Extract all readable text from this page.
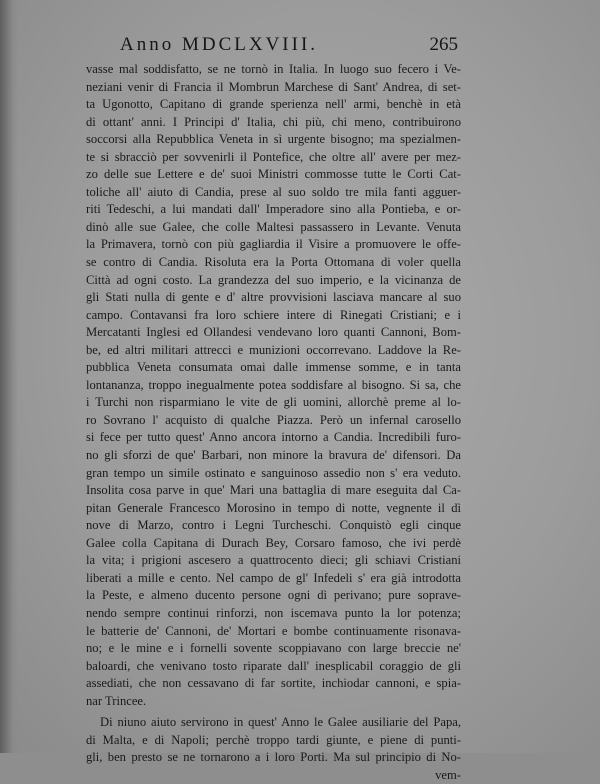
Anno MDCLXVIII.	265
vasse mal soddisfatto, se ne tornò in Italia. In luogo suo fecero i Ve-
neziani venir di Francia il Mombrun Marchese di Sant' Andrea, di set-
ta Ugonotto, Capitano di grande sperienza nell' armi, benchè in età
di ottant' anni. I Principi d' Italia, chi più, chi meno, contribuirono
soccorsi alla Repubblica Veneta in sì urgente bisogno; ma spezialmen-
te si sbracciò per sovvenirli il Pontefice, che oltre all' avere per mez-
zo delle sue Lettere e de' suoi Ministri commosse tutte le Corti Cat-
toliche all' aiuto di Candia, prese al suo soldo tre mila fanti agguer-
riti Tedeschi, a lui mandati dall' Imperadore sino alla Pontieba, e or-
dinò alle sue Galee, che colle Maltesi passassero in Levante. Venuta
la Primavera, tornò con più gagliardia il Visire a promuovere le offe-
se contro di Candia. Risoluta era la Porta Ottomana di voler quella
Città ad ogni costo. La grandezza del suo imperio, e la vicinanza de
gli Stati nulla di gente e d' altre provvisioni lasciava mancare al suo
campo. Contavansi fra loro schiere intere di Rinegati Cristiani; e i
Mercatanti Inglesi ed Ollandesi vendevano loro quanti Cannoni, Bom-
be, ed altri militari attrecci e munizioni occorrevano. Laddove la Re-
pubblica Veneta consumata omai dalle immense somme, e in tanta
lontananza, troppo inegualmente potea soddisfare al bisogno. Si sa, che
i Turchi non risparmiano le vite de gli uomini, allorchè preme al lo-
ro Sovrano l' acquisto di qualche Piazza. Però un infernal carosello
si fece per tutto quest' Anno ancora intorno a Candia. Incredibili furo-
no gli sforzi de que' Barbari, non minore la bravura de' difensori. Da
gran tempo un simile ostinato e sanguinoso assedio non s' era veduto.
Insolita cosa parve in que' Mari una battaglia di mare eseguita dal Ca-
pitan Generale Francesco Morosino in tempo di notte, vegnente il dì
nove di Marzo, contro i Legni Turcheschi. Conquistò egli cinque
Galee colla Capitana di Durach Bey, Corsaro famoso, che ivi perdè
la vita; i prigioni ascesero a quattrocento dieci; gli schiavi Cristiani
liberati a mille e cento. Nel campo de gl' Infedeli s' era già introdotta
la Peste, e almeno ducento persone ogni dì perivano; pure soprave-
nendo sempre continui rinforzi, non iscemava punto la lor potenza;
le batterie de' Cannoni, de' Mortari e bombe continuamente risonava-
no; e le mine e i fornelli sovente scoppiavano con large breccie ne'
baloardi, che venivano tosto riparate dall' inesplicabil coraggio de gli
assediati, che non cessavano di far sortite, inchiodar cannoni, e spia-
nar Trincee.
Di niuno aiuto servirono in quest' Anno le Galee ausiliarie del Papa,
di Malta, e di Napoli; perchè troppo tardi giunte, e piene di punti-
gli, ben presto se ne tornarono a i loro Porti. Ma sul principio di No-
vem-
